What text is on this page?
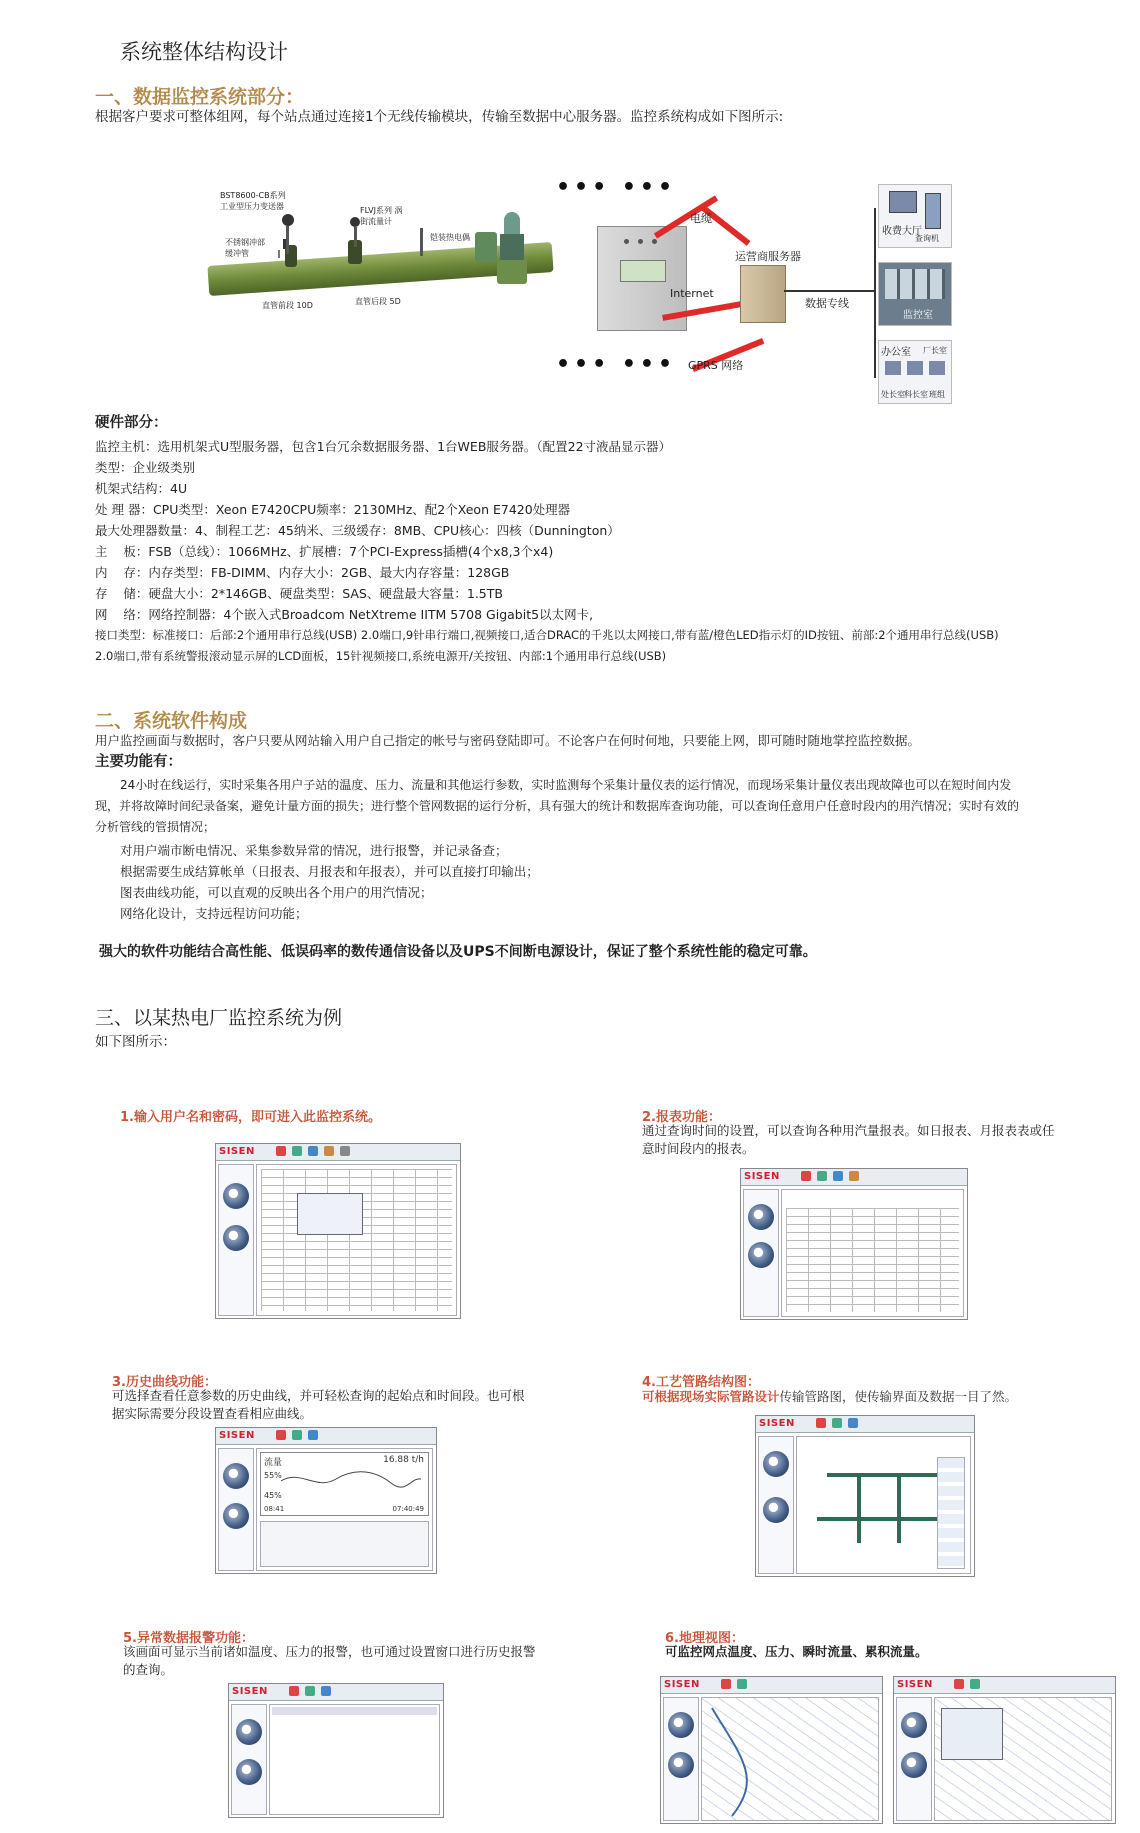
系统整体结构设计
一、数据监控系统部分：
根据客户要求可整体组网，每个站点通过连接1个无线传输模块，传输至数据中心服务器。监控系统构成如下图所示:
BST8600-CB系列 工业型压力变送器
不锈钢冲部 缓冲管
FLVJ系列 涡街流量计
铠装热电偶
直管前段 10D	直管后段 5D
••• •••
••• •••
电缆
Internet
GPRS 网络
运营商服务器
数据专线
收费大厅
查询机
监控室
办公室 厂长室
处长室 科长室 班组
硬件部分：
监控主机：选用机架式U型服务器，包含1台冗余数据服务器、1台WEB服务器。（配置22寸液晶显示器）
类型：企业级类别
机架式结构：4U
处 理 器：CPU类型：Xeon E7420CPU频率：2130MHz、配2个Xeon E7420处理器
最大处理器数量：4、制程工艺：45纳米、三级缓存：8MB、CPU核心：四核（Dunnington）
主    板：FSB（总线）：1066MHz、扩展槽：7个PCI-Express插槽(4个x8,3个x4)
内    存：内存类型：FB-DIMM、内存大小：2GB、最大内存容量：128GB
存    储：硬盘大小：2*146GB、硬盘类型：SAS、硬盘最大容量：1.5TB
网    络：网络控制器：4个嵌入式Broadcom NetXtreme IITM 5708 Gigabit5以太网卡,
接口类型：标准接口：后部:2个通用串行总线(USB) 2.0端口,9针串行端口,视频接口,适合DRAC的千兆以太网接口,带有蓝/橙色LED指示灯的ID按钮、前部:2个通用串行总线(USB)
2.0端口,带有系统警报滚动显示屏的LCD面板，15针视频接口,系统电源开/关按钮、内部:1个通用串行总线(USB)
二、系统软件构成
用户监控画面与数据时，客户只要从网站输入用户自己指定的帐号与密码登陆即可。不论客户在何时何地，只要能上网，即可随时随地掌控监控数据。
主要功能有：
24小时在线运行，实时采集各用户子站的温度、压力、流量和其他运行参数，实时监测每个采集计量仪表的运行情况，而现场采集计量仪表出现故障也可以在短时间内发
现，并将故障时间纪录备案，避免计量方面的损失；进行整个管网数据的运行分析，具有强大的统计和数据库查询功能，可以查询任意用户任意时段内的用汽情况；实时有效的
分析管线的管损情况；
对用户端市断电情况、采集参数异常的情况，进行报警，并记录备查；
根据需要生成结算帐单（日报表、月报表和年报表），并可以直接打印输出；
图表曲线功能，可以直观的反映出各个用户的用汽情况；
网络化设计，支持远程访问功能；
强大的软件功能结合高性能、低误码率的数传通信设备以及UPS不间断电源设计，保证了整个系统性能的稳定可靠。
三、以某热电厂监控系统为例
如下图所示：
1.输入用户名和密码，即可进入此监控系统。
SISEN
2.报表功能：
通过查询时间的设置，可以查询各种用汽量报表。如日报表、月报表表或任
意时间段内的报表。
SISEN
3.历史曲线功能：
可选择查看任意参数的历史曲线，并可轻松查询的起始点和时间段。也可根
据实际需要分段设置查看相应曲线。
SISEN
流量	16.88 t/h
55%
45%
08:41	07:40:49
4.工艺管路结构图：
可根据现场实际管路设计传输管路图，使传输界面及数据一目了然。
SISEN
5.异常数据报警功能：
该画面可显示当前诸如温度、压力的报警，也可通过设置窗口进行历史报警
的查询。
SISEN
6.地理视图：
可监控网点温度、压力、瞬时流量、累积流量。
SISEN	SISEN
